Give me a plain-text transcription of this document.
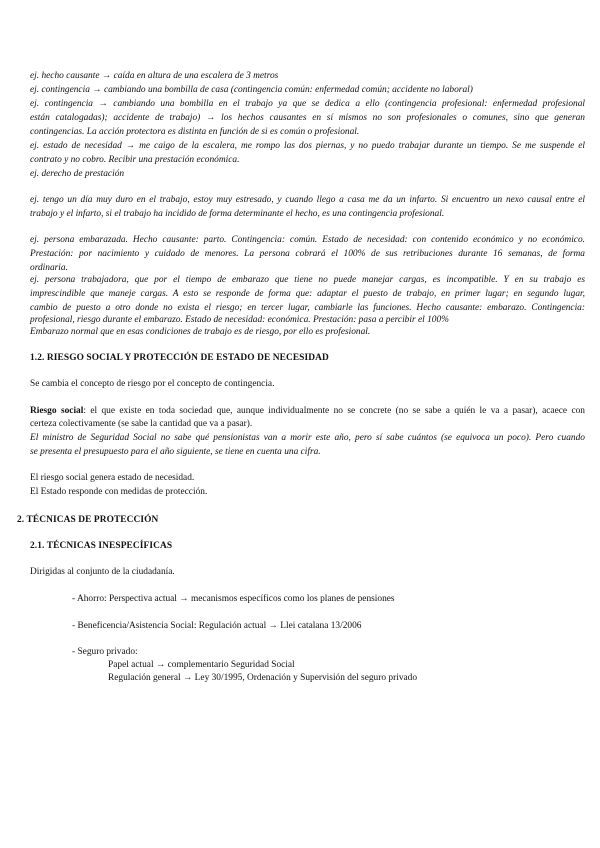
ej. hecho causante → caída en altura de una escalera de 3 metros
ej. contingencia → cambiando una bombilla de casa (contingencia común: enfermedad común; accidente no laboral)
ej. contingencia → cambiando una bombilla en el trabajo ya que se dedica a ello (contingencia profesional: enfermedad profesional
están catalogadas); accidente de trabajo) → los hechos causantes en sí mismos no son profesionales o comunes, sino que generan
contingencias. La acción protectora es distinta en función de si es común o profesional.
ej. estado de necesidad → me caigo de la escalera, me rompo las dos piernas, y no puedo trabajar durante un tiempo. Se me suspende el
contrato y no cobro. Recibir una prestación económica.
ej. derecho de prestación
ej. tengo un día muy duro en el trabajo, estoy muy estresado, y cuando llego a casa me da un infarto. Si encuentro un nexo causal entre el
trabajo y el infarto, si el trabajo ha incidido de forma determinante el hecho, es una contingencia profesional.
ej. persona embarazada. Hecho causante: parto. Contingencia: común. Estado de necesidad: con contenido económico y no económico.
Prestación: por nacimiento y cuidado de menores. La persona cobrará el 100% de sus retribuciones durante 16 semanas, de forma
ordinaria.
ej. persona trabajadora, que por el tiempo de embarazo que tiene no puede manejar cargas, es incompatible. Y en su trabajo es
imprescindible que maneje cargas. A esto se responde de forma que: adaptar el puesto de trabajo, en primer lugar; en segundo lugar,
cambio de puesto a otro donde no exista el riesgo; en tercer lugar, cambiarle las funciones. Hecho causante: embarazo. Contingencia:
profesional, riesgo durante el embarazo. Estado de necesidad: económica. Prestación: pasa a percibir el 100%
Embarazo normal que en esas condiciones de trabajo es de riesgo, por ello es profesional.
1.2. RIESGO SOCIAL Y PROTECCIÓN DE ESTADO DE NECESIDAD
Se cambia el concepto de riesgo por el concepto de contingencia.
Riesgo social: el que existe en toda sociedad que, aunque individualmente no se concrete (no se sabe a quién le va a pasar), acaece con
certeza colectivamente (se sabe la cantidad que va a pasar).
El ministro de Seguridad Social no sabe qué pensionistas van a morir este año, pero sí sabe cuántos (se equivoca un poco). Pero cuando
se presenta el presupuesto para el año siguiente, se tiene en cuenta una cifra.
El riesgo social genera estado de necesidad.
El Estado responde con medidas de protección.
2. TÉCNICAS DE PROTECCIÓN
2.1. TÉCNICAS INESPECÍFICAS
Dirigidas al conjunto de la ciudadanía.
- Ahorro: Perspectiva actual → mecanismos específicos como los planes de pensiones
- Beneficencia/Asistencia Social: Regulación actual → Llei catalana 13/2006
- Seguro privado:
Papel actual → complementario Seguridad Social
Regulación general → Ley 30/1995, Ordenación y Supervisión del seguro privado
